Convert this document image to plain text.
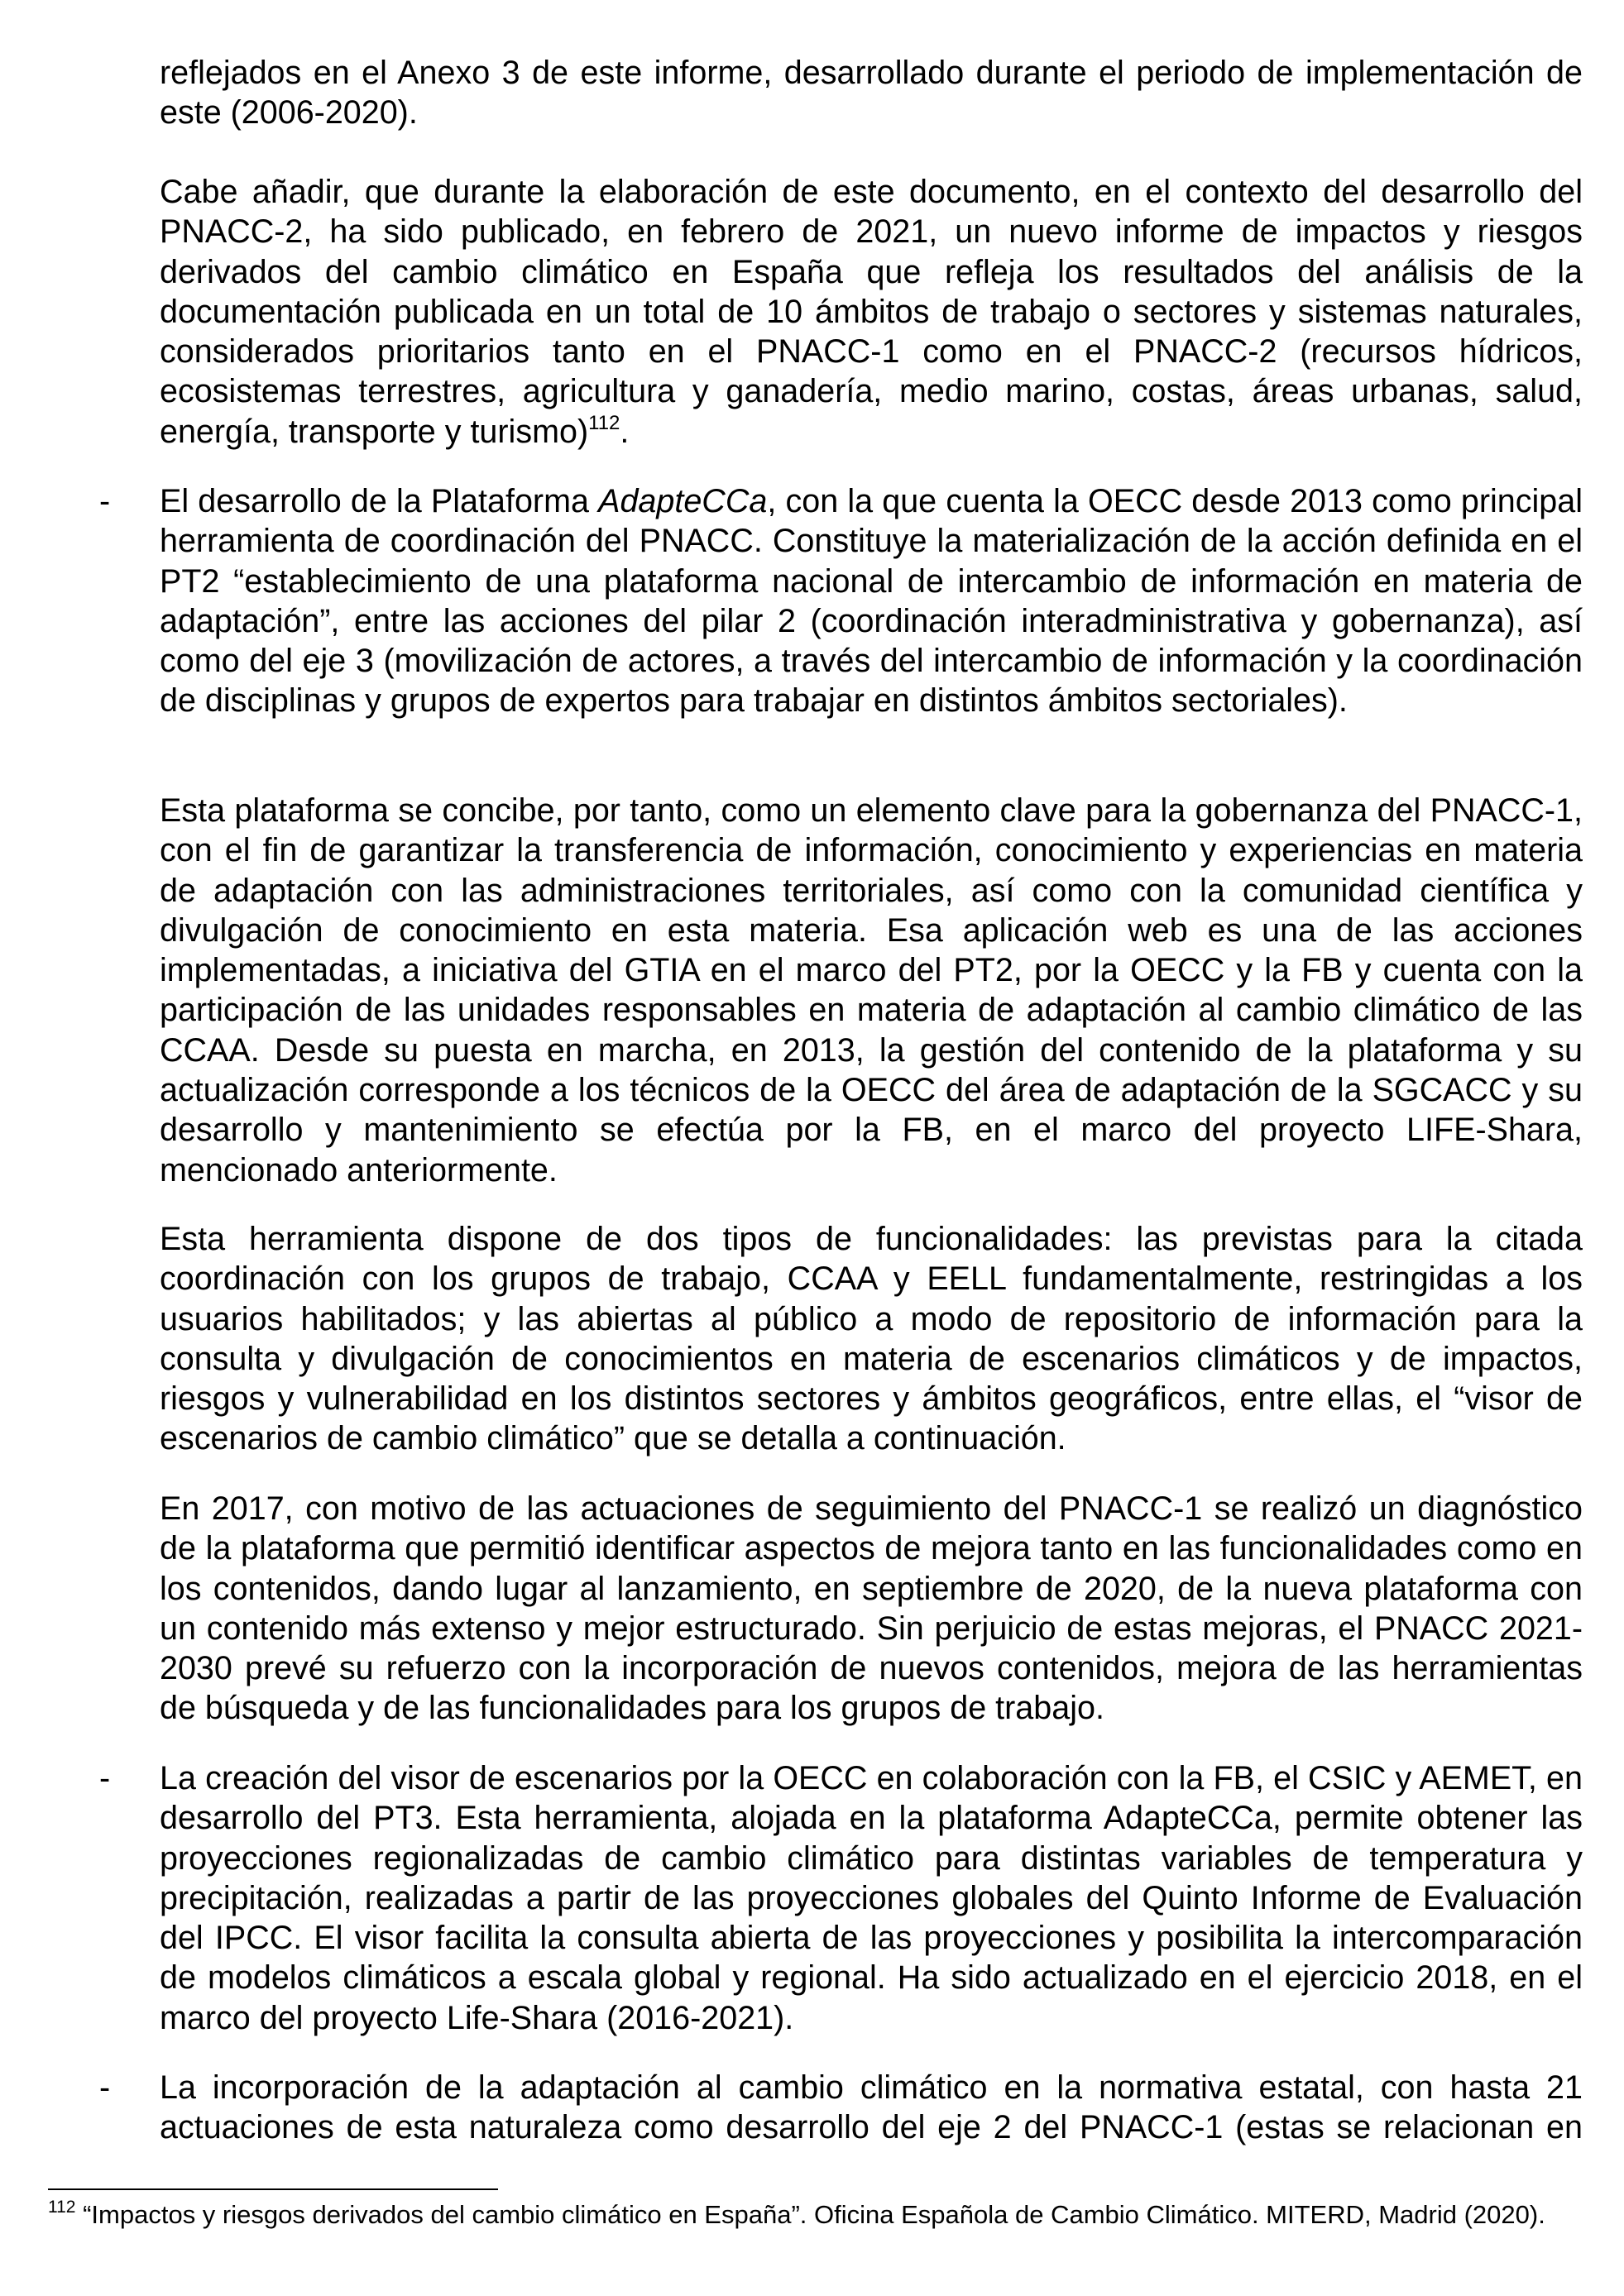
reflejados en el Anexo 3 de este informe, desarrollado durante el periodo de implementación de este (2006-2020).

Cabe añadir, que durante la elaboración de este documento, en el contexto del desarrollo del PNACC-2, ha sido publicado, en febrero de 2021, un nuevo informe de impactos y riesgos derivados del cambio climático en España que refleja los resultados del análisis de la documentación publicada en un total de 10 ámbitos de trabajo o sectores y sistemas naturales, considerados prioritarios tanto en el PNACC-1 como en el PNACC-2 (recursos hídricos, ecosistemas terrestres, agricultura y ganadería, medio marino, costas, áreas urbanas, salud, energía, transporte y turismo)$^{112}$.

- El desarrollo de la Plataforma AdapteCCa, con la que cuenta la OECC desde 2013 como principal herramienta de coordinación del PNACC. Constituye la materialización de la acción definida en el PT2 “establecimiento de una plataforma nacional de intercambio de información en materia de adaptación”, entre las acciones del pilar 2 (coordinación interadministrativa y gobernanza), así como del eje 3 (movilización de actores, a través del intercambio de información y la coordinación de disciplinas y grupos de expertos para trabajar en distintos ámbitos sectoriales).

Esta plataforma se concibe, por tanto, como un elemento clave para la gobernanza del PNACC-1, con el fin de garantizar la transferencia de información, conocimiento y experiencias en materia de adaptación con las administraciones territoriales, así como con la comunidad científica y divulgación de conocimiento en esta materia. Esa aplicación web es una de las acciones implementadas, a iniciativa del GTIA en el marco del PT2, por la OECC y la FB y cuenta con la participación de las unidades responsables en materia de adaptación al cambio climático de las CCAA. Desde su puesta en marcha, en 2013, la gestión del contenido de la plataforma y su actualización corresponde a los técnicos de la OECC del área de adaptación de la SGCACC y su desarrollo y mantenimiento se efectúa por la FB, en el marco del proyecto LIFE-Shara, mencionado anteriormente.

Esta herramienta dispone de dos tipos de funcionalidades: las previstas para la citada coordinación con los grupos de trabajo, CCAA y EELL fundamentalmente, restringidas a los usuarios habilitados; y las abiertas al público a modo de repositorio de información para la consulta y divulgación de conocimientos en materia de escenarios climáticos y de impactos, riesgos y vulnerabilidad en los distintos sectores y ámbitos geográficos, entre ellas, el “visor de escenarios de cambio climático” que se detalla a continuación.

En 2017, con motivo de las actuaciones de seguimiento del PNACC-1 se realizó un diagnóstico de la plataforma que permitió identificar aspectos de mejora tanto en las funcionalidades como en los contenidos, dando lugar al lanzamiento, en septiembre de 2020, de la nueva plataforma con un contenido más extenso y mejor estructurado. Sin perjuicio de estas mejoras, el PNACC 2021-2030 prevé su refuerzo con la incorporación de nuevos contenidos, mejora de las herramientas de búsqueda y de las funcionalidades para los grupos de trabajo.

- La creación del visor de escenarios por la OECC en colaboración con la FB, el CSIC y AEMET, en desarrollo del PT3. Esta herramienta, alojada en la plataforma AdapteCCa, permite obtener las proyecciones regionalizadas de cambio climático para distintas variables de temperatura y precipitación, realizadas a partir de las proyecciones globales del Quinto Informe de Evaluación del IPCC. El visor facilita la consulta abierta de las proyecciones y posibilita la intercomparación de modelos climáticos a escala global y regional. Ha sido actualizado en el ejercicio 2018, en el marco del proyecto Life-Shara (2016-2021).

- La incorporación de la adaptación al cambio climático en la normativa estatal, con hasta 21 actuaciones de esta naturaleza como desarrollo del eje 2 del PNACC-1 (estas se relacionan en

$^{112}$ “Impactos y riesgos derivados del cambio climático en España”. Oficina Española de Cambio Climático. MITERD, Madrid (2020).
